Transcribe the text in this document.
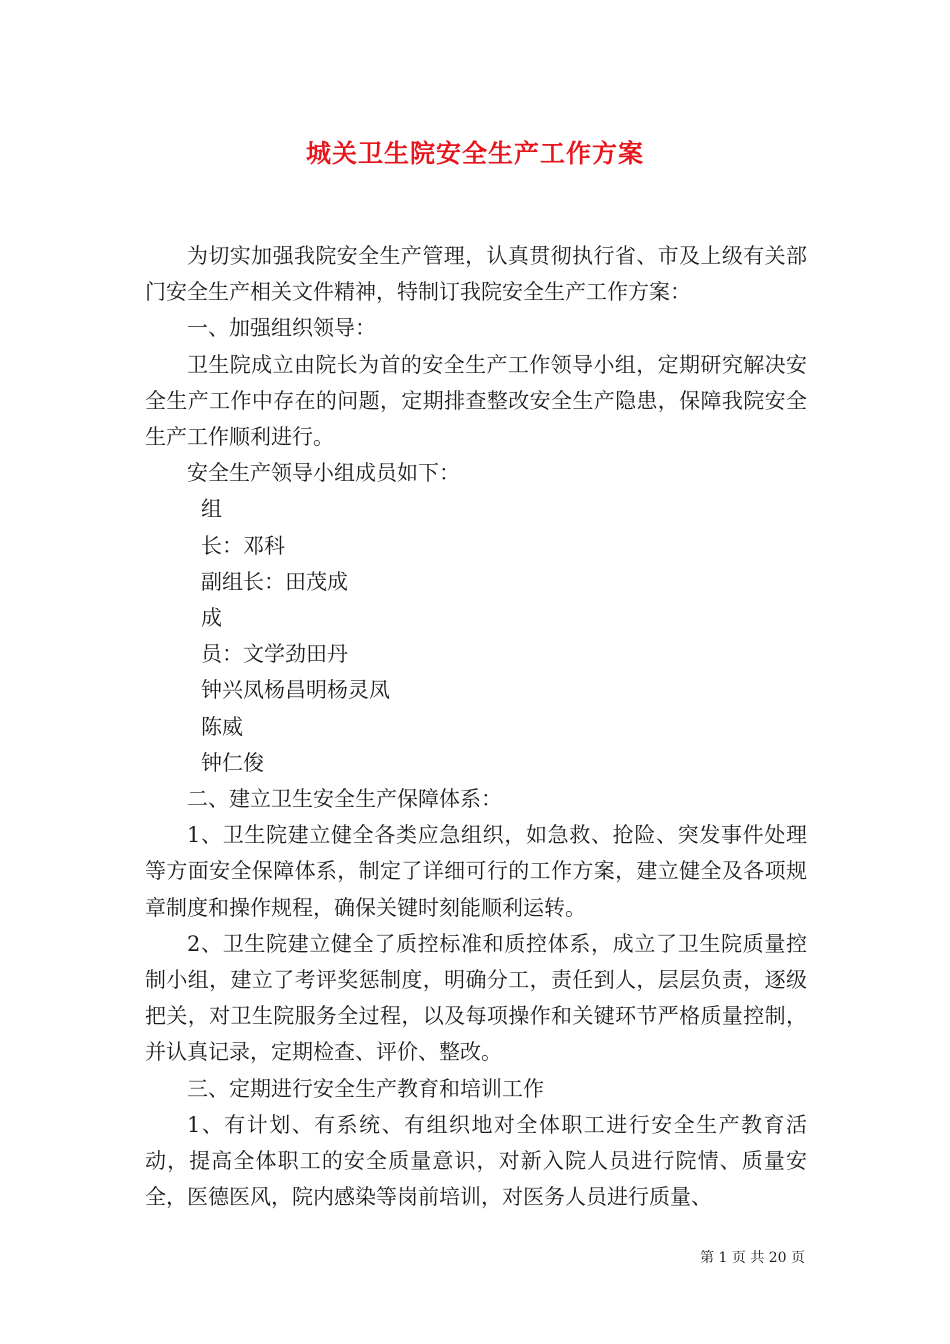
城关卫生院安全生产工作方案

为切实加强我院安全生产管理，认真贯彻执行省、市及上级有关部门安全生产相关文件精神，特制订我院安全生产工作方案：

一、加强组织领导：

卫生院成立由院长为首的安全生产工作领导小组，定期研究解决安全生产工作中存在的问题，定期排查整改安全生产隐患，保障我院安全生产工作顺利进行。

安全生产领导小组成员如下：

组

长：邓科

副组长：田茂成

成

员：文学劲田丹

钟兴凤杨昌明杨灵凤

陈威

钟仁俊

二、建立卫生安全生产保障体系：

1、卫生院建立健全各类应急组织，如急救、抢险、突发事件处理等方面安全保障体系，制定了详细可行的工作方案，建立健全及各项规章制度和操作规程，确保关键时刻能顺利运转。

2、卫生院建立健全了质控标准和质控体系，成立了卫生院质量控制小组，建立了考评奖惩制度，明确分工，责任到人，层层负责，逐级把关，对卫生院服务全过程，以及每项操作和关键环节严格质量控制，并认真记录，定期检查、评价、整改。

三、定期进行安全生产教育和培训工作

1、有计划、有系统、有组织地对全体职工进行安全生产教育活动，提高全体职工的安全质量意识，对新入院人员进行院情、质量安全，医德医风，院内感染等岗前培训，对医务人员进行质量、

第 1 页 共 20 页
